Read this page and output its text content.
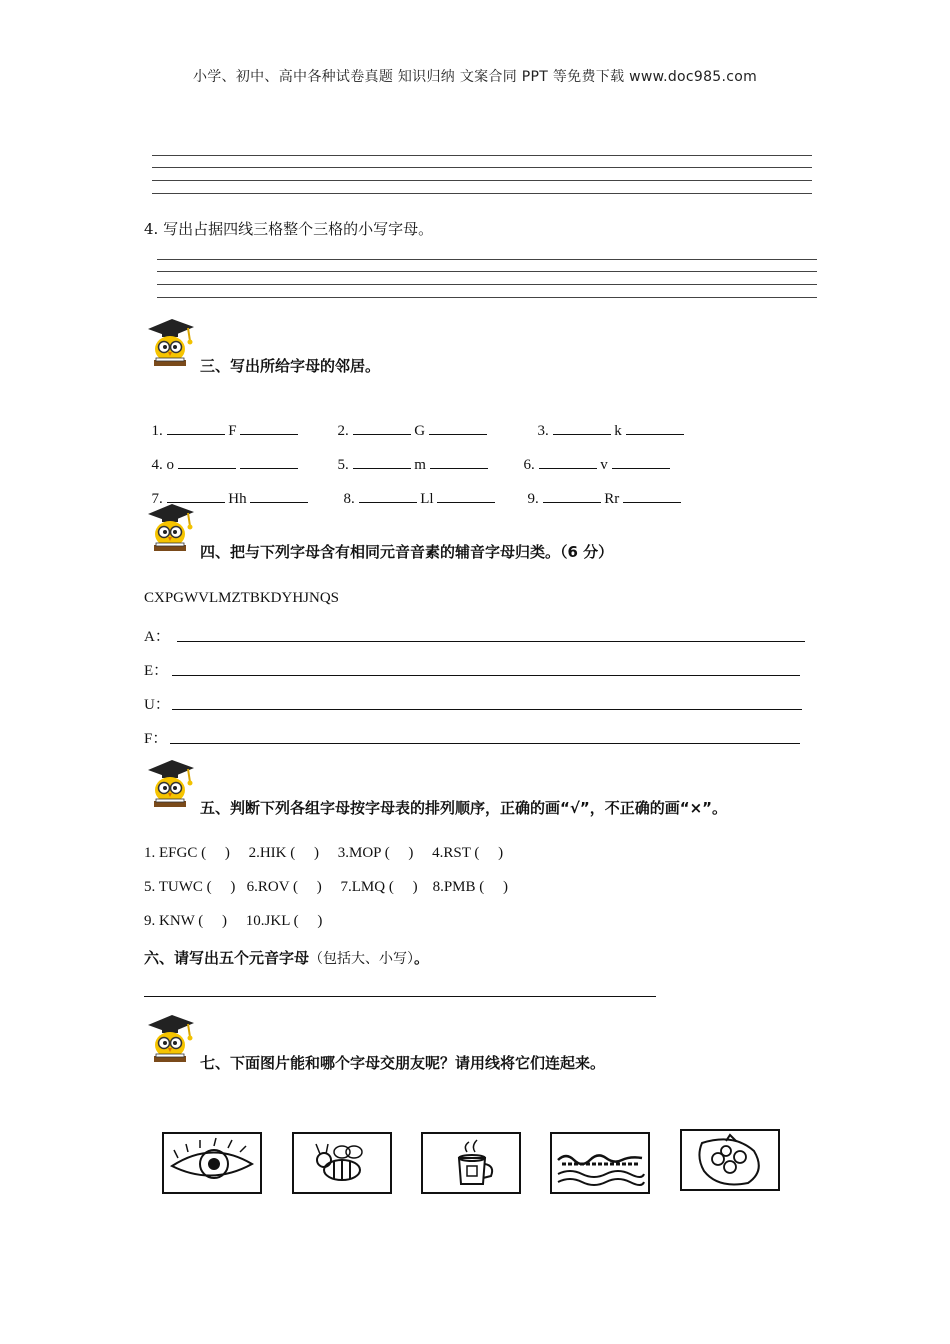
小学、初中、高中各种试卷真题 知识归纳 文案合同 PPT 等免费下载 www.doc985.com
4. 写出占据四线三格整个三格的小写字母。
三、写出所给字母的邻居。

1.	F	2.	G	3.	k

4. o	5.	m	6.	v

7.	Hh	8.	Ll	9.	Rr

四、把与下列字母含有相同元音音素的辅音字母归类。（6 分）
CXPGWVLMZTBKDYHJNQS
A：
E：
U：
F：
五、判断下列各组字母按字母表的排列顺序，正确的画“√”，不正确的画“×”。
1. EFGC (     )     2.HIK (     )     3.MOP (     )     4.RST (     )
5. TUWC (     )   6.ROV (     )     7.LMQ (     )    8.PMB (     )
9. KNW (     )     10.JKL (     )
六、请写出五个元音字母（包括大、小写）。
七、下面图片能和哪个字母交朋友呢？请用线将它们连起来。
